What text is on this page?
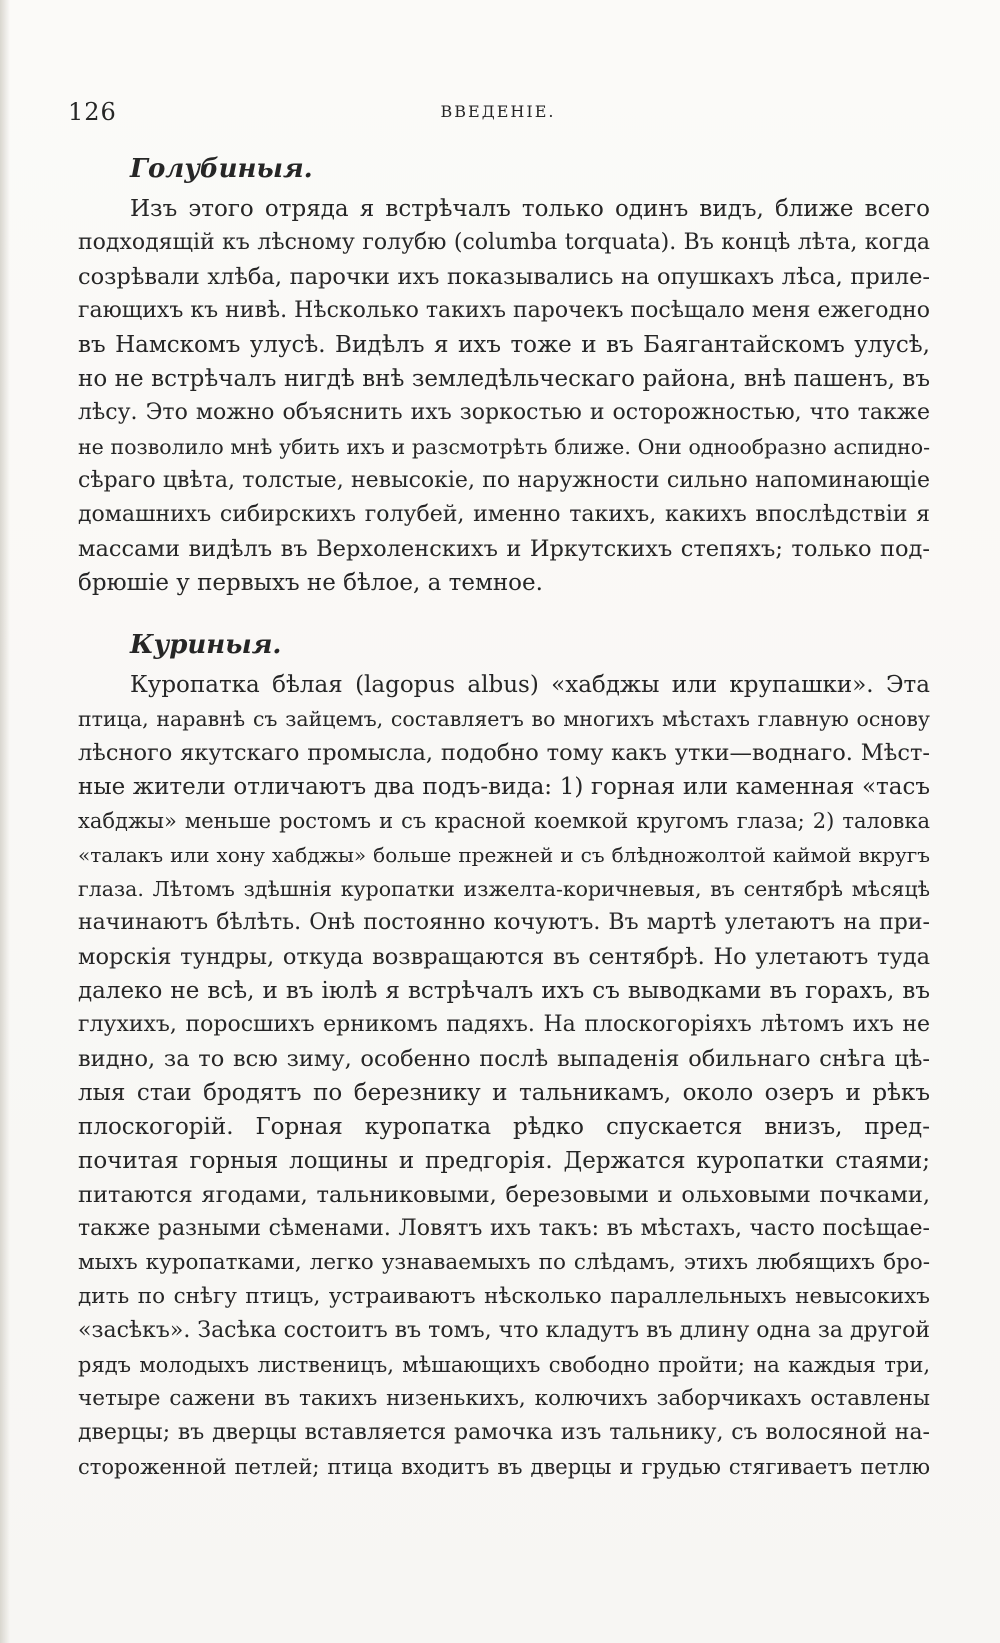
126	ВВЕДЕНІЕ.
Голубиныя.
Изъ этого отряда я встрѣчалъ только одинъ видъ, ближе всего
подходящій къ лѣсному голубю (columba torquata). Въ концѣ лѣта, когда
созрѣвали хлѣба, парочки ихъ показывались на опушкахъ лѣса, приле-
гающихъ къ нивѣ. Нѣсколько такихъ парочекъ посѣщало меня ежегодно
въ Намскомъ улусѣ. Видѣлъ я ихъ тоже и въ Баягантайскомъ улусѣ,
но не встрѣчалъ нигдѣ внѣ земледѣльческаго района, внѣ пашенъ, въ
лѣсу. Это можно объяснить ихъ зоркостью и осторожностью, что также
не позволило мнѣ убить ихъ и разсмотрѣть ближе. Они однообразно аспидно-
сѣраго цвѣта, толстые, невысокіе, по наружности сильно напоминающіе
домашнихъ сибирскихъ голубей, именно такихъ, какихъ впослѣдствіи я
массами видѣлъ въ Верхоленскихъ и Иркутскихъ степяхъ; только под-
брюшіе у первыхъ не бѣлое, а темное.
Куриныя.
Куропатка бѣлая (lagopus albus) «хабджы или крупашки». Эта
птица, наравнѣ съ зайцемъ, составляетъ во многихъ мѣстахъ главную основу
лѣсного якутскаго промысла, подобно тому какъ утки—воднаго. Мѣст-
ные жители отличаютъ два подъ-вида: 1) горная или каменная «тасъ
хабджы» меньше ростомъ и съ красной коемкой кругомъ глаза; 2) таловка
«талакъ или хону хабджы» больше прежней и съ блѣдножолтой каймой вкругъ
глаза. Лѣтомъ здѣшнія куропатки изжелта-коричневыя, въ сентябрѣ мѣсяцѣ
начинаютъ бѣлѣть. Онѣ постоянно кочуютъ. Въ мартѣ улетаютъ на при-
морскія тундры, откуда возвращаются въ сентябрѣ. Но улетаютъ туда
далеко не всѣ, и въ іюлѣ я встрѣчалъ ихъ съ выводками въ горахъ, въ
глухихъ, поросшихъ ерникомъ падяхъ. На плоскогоріяхъ лѣтомъ ихъ не
видно, за то всю зиму, особенно послѣ выпаденія обильнаго снѣга цѣ-
лыя стаи бродятъ по березнику и тальникамъ, около озеръ и рѣкъ
плоскогорій. Горная куропатка рѣдко спускается внизъ, пред-
почитая горныя лощины и предгорія. Держатся куропатки стаями;
питаются ягодами, тальниковыми, березовыми и ольховыми почками,
также разными сѣменами. Ловятъ ихъ такъ: въ мѣстахъ, часто посѣщае-
мыхъ куропатками, легко узнаваемыхъ по слѣдамъ, этихъ любящихъ бро-
дить по снѣгу птицъ, устраиваютъ нѣсколько параллельныхъ невысокихъ
«засѣкъ». Засѣка состоитъ въ томъ, что кладутъ въ длину одна за другой
рядъ молодыхъ лиственицъ, мѣшающихъ свободно пройти; на каждыя три,
четыре сажени въ такихъ низенькихъ, колючихъ заборчикахъ оставлены
дверцы; въ дверцы вставляется рамочка изъ тальнику, съ волосяной на-
стороженной петлей; птица входитъ въ дверцы и грудью стягиваетъ петлю
